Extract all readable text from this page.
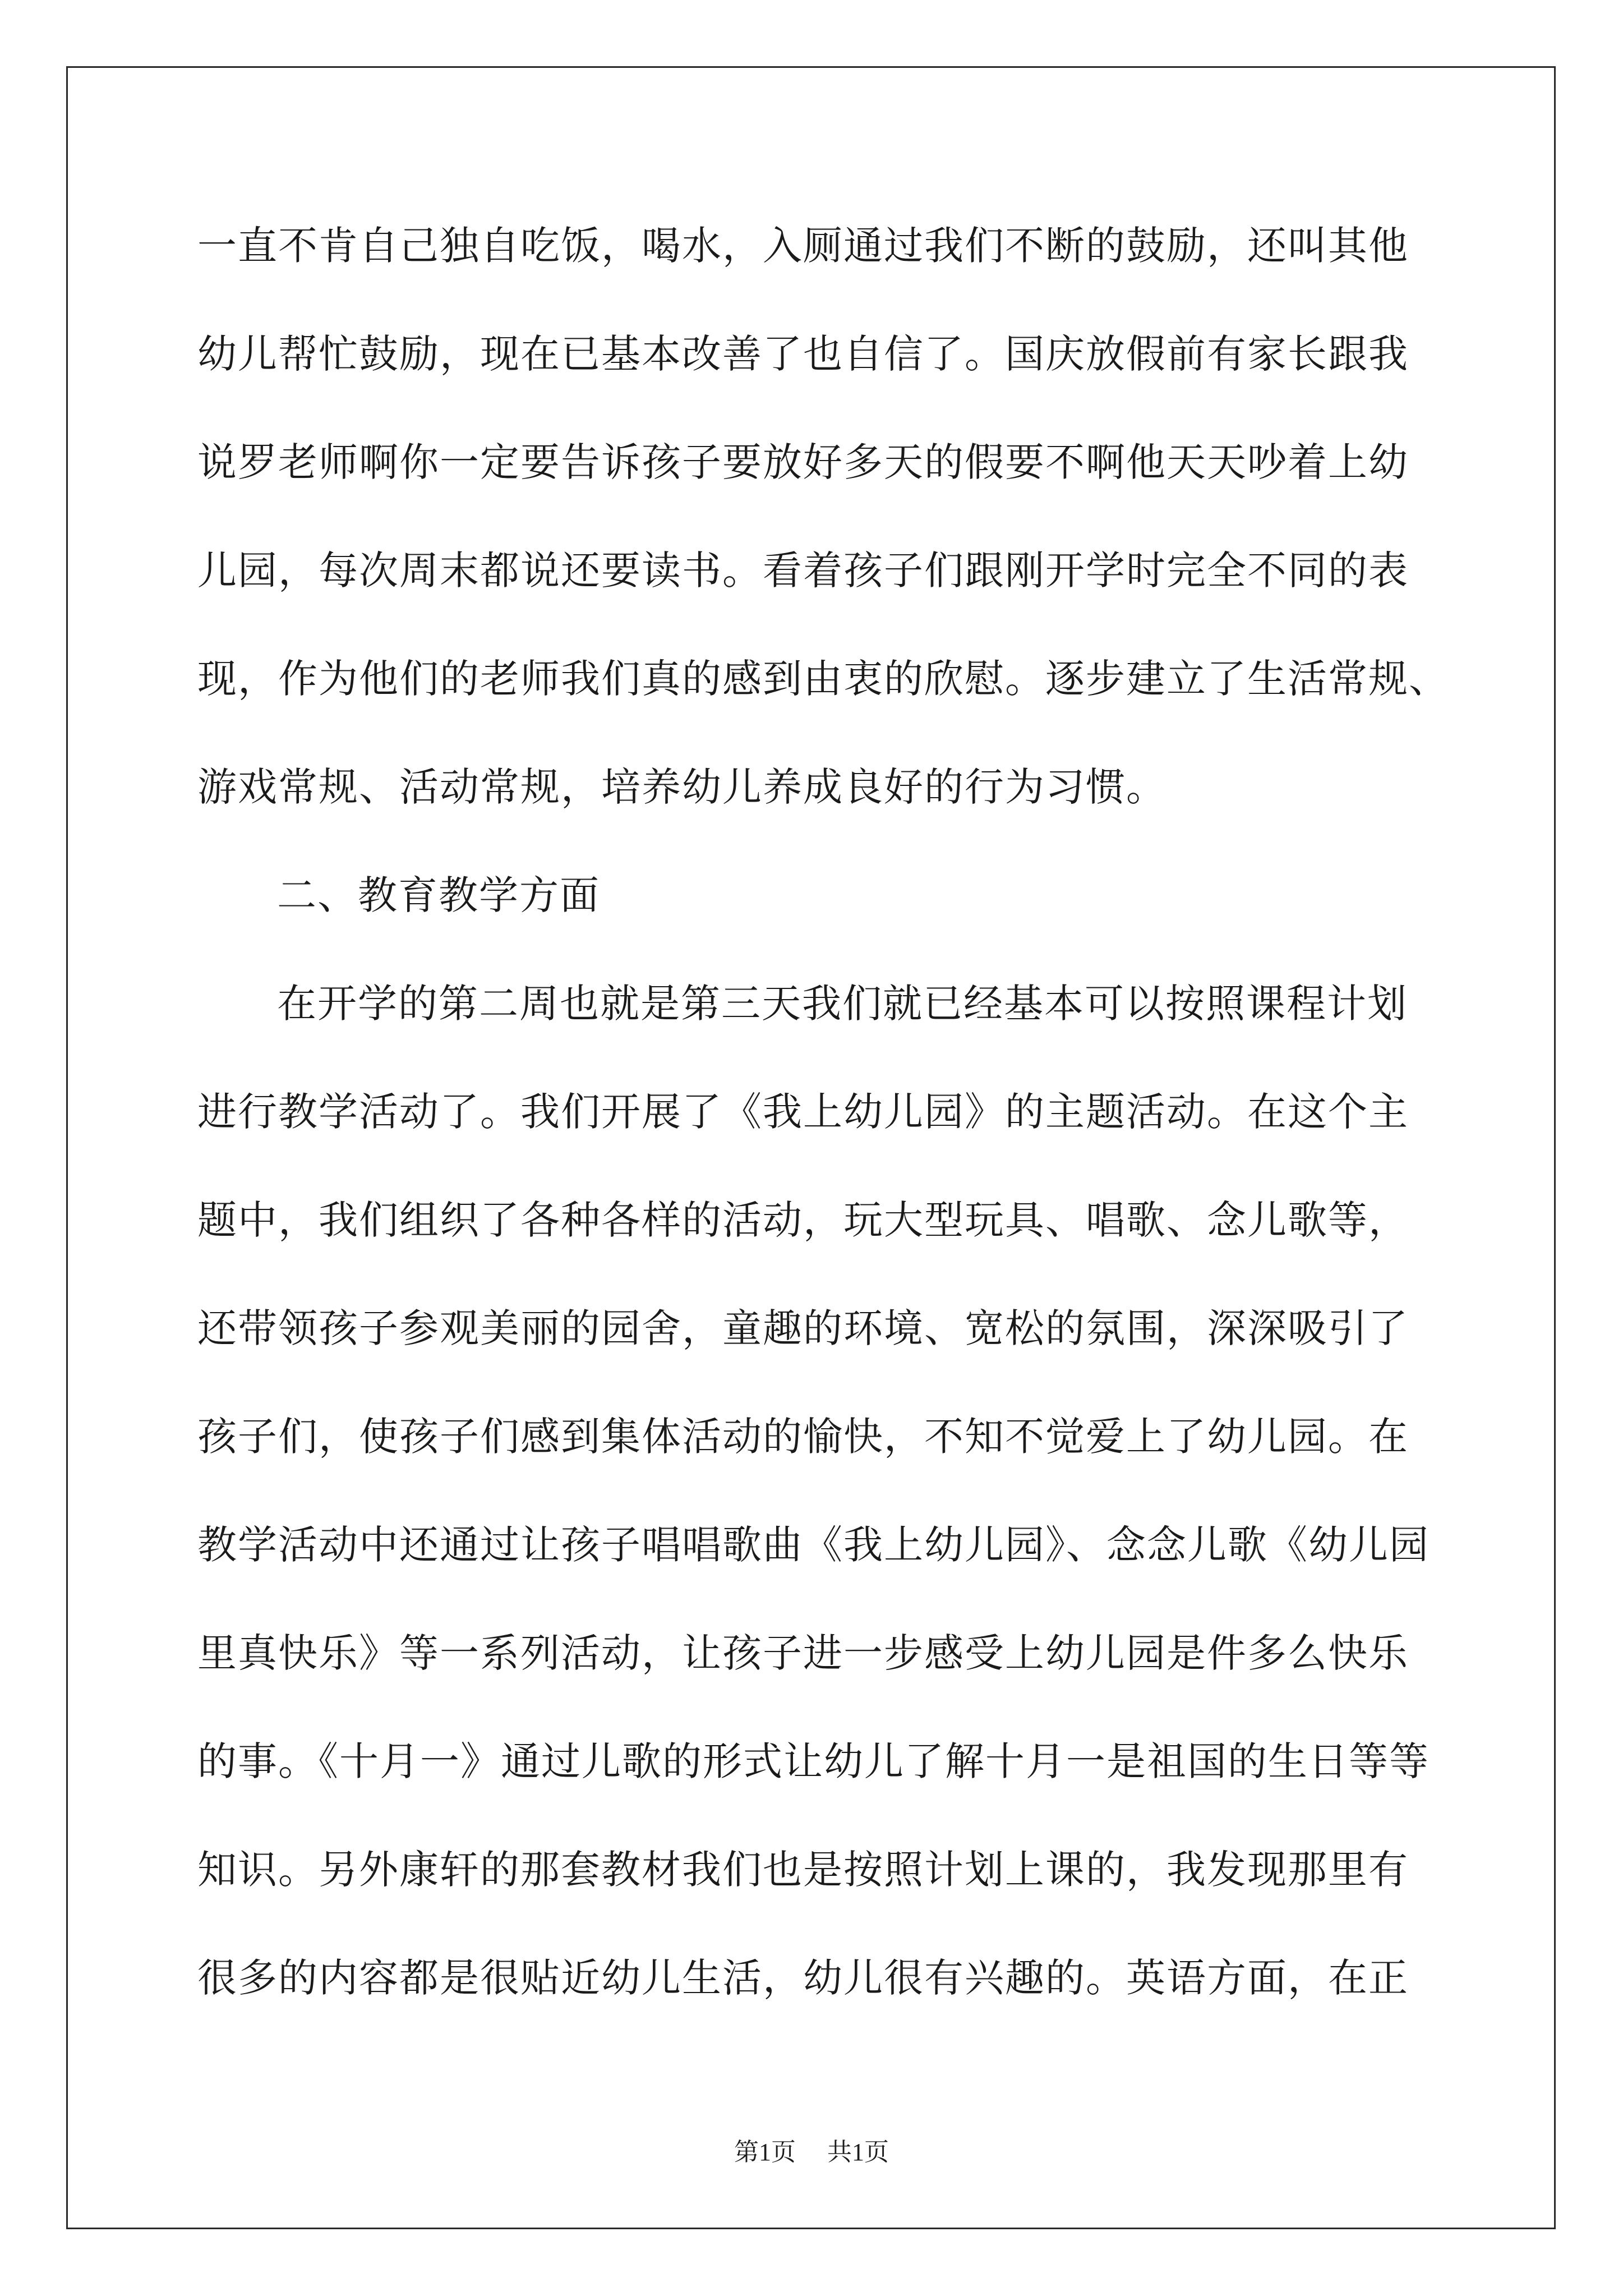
一直不肯自己独自吃饭，喝水，入厕通过我们不断的鼓励，还叫其他
幼儿帮忙鼓励，现在已基本改善了也自信了。国庆放假前有家长跟我
说罗老师啊你一定要告诉孩子要放好多天的假要不啊他天天吵着上幼
儿园，每次周末都说还要读书。看着孩子们跟刚开学时完全不同的表
现，作为他们的老师我们真的感到由衷的欣慰。逐步建立了生活常规、
游戏常规、活动常规，培养幼儿养成良好的行为习惯。
二、教育教学方面
在开学的第二周也就是第三天我们就已经基本可以按照课程计划
进行教学活动了。我们开展了《我上幼儿园》的主题活动。在这个主
题中，我们组织了各种各样的活动，玩大型玩具、唱歌、念儿歌等，
还带领孩子参观美丽的园舍，童趣的环境、宽松的氛围，深深吸引了
孩子们，使孩子们感到集体活动的愉快，不知不觉爱上了幼儿园。在
教学活动中还通过让孩子唱唱歌曲《我上幼儿园》、念念儿歌《幼儿园
里真快乐》等一系列活动，让孩子进一步感受上幼儿园是件多么快乐
的事。《十月一》通过儿歌的形式让幼儿了解十月一是祖国的生日等等
知识。另外康轩的那套教材我们也是按照计划上课的，我发现那里有
很多的内容都是很贴近幼儿生活，幼儿很有兴趣的。英语方面，在正
第1页 共1页
